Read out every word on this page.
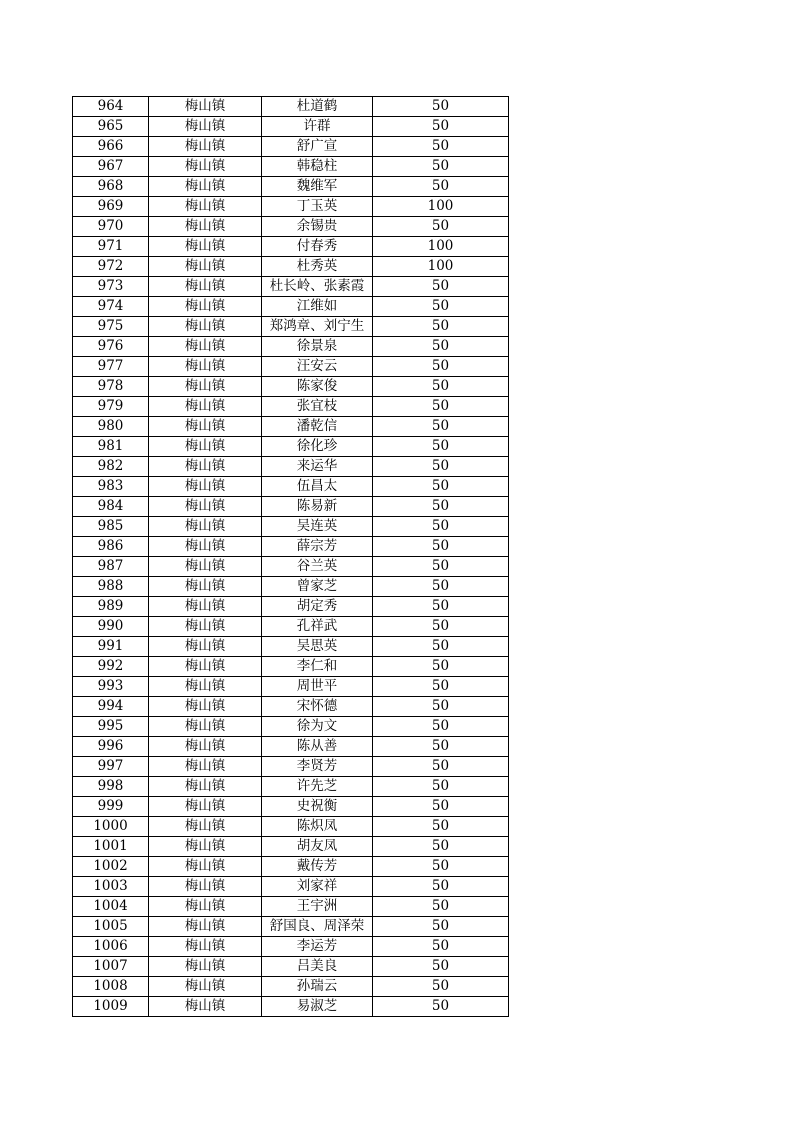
964	梅山镇	杜道鹤	50
965	梅山镇	许群	50
966	梅山镇	舒广宣	50
967	梅山镇	韩稳柱	50
968	梅山镇	魏维军	50
969	梅山镇	丁玉英	100
970	梅山镇	余锡贵	50
971	梅山镇	付春秀	100
972	梅山镇	杜秀英	100
973	梅山镇	杜长岭、张素霞	50
974	梅山镇	江维如	50
975	梅山镇	郑鸿章、刘宁生	50
976	梅山镇	徐景泉	50
977	梅山镇	汪安云	50
978	梅山镇	陈家俊	50
979	梅山镇	张宜枝	50
980	梅山镇	潘乾信	50
981	梅山镇	徐化珍	50
982	梅山镇	来运华	50
983	梅山镇	伍昌太	50
984	梅山镇	陈易新	50
985	梅山镇	吴连英	50
986	梅山镇	薛宗芳	50
987	梅山镇	谷兰英	50
988	梅山镇	曾家芝	50
989	梅山镇	胡定秀	50
990	梅山镇	孔祥武	50
991	梅山镇	吴思英	50
992	梅山镇	李仁和	50
993	梅山镇	周世平	50
994	梅山镇	宋怀德	50
995	梅山镇	徐为文	50
996	梅山镇	陈从善	50
997	梅山镇	李贤芳	50
998	梅山镇	许先芝	50
999	梅山镇	史祝衡	50
1000	梅山镇	陈炽凤	50
1001	梅山镇	胡友凤	50
1002	梅山镇	戴传芳	50
1003	梅山镇	刘家祥	50
1004	梅山镇	王宇洲	50
1005	梅山镇	舒国良、周泽荣	50
1006	梅山镇	李运芳	50
1007	梅山镇	吕美良	50
1008	梅山镇	孙瑞云	50
1009	梅山镇	易淑芝	50
